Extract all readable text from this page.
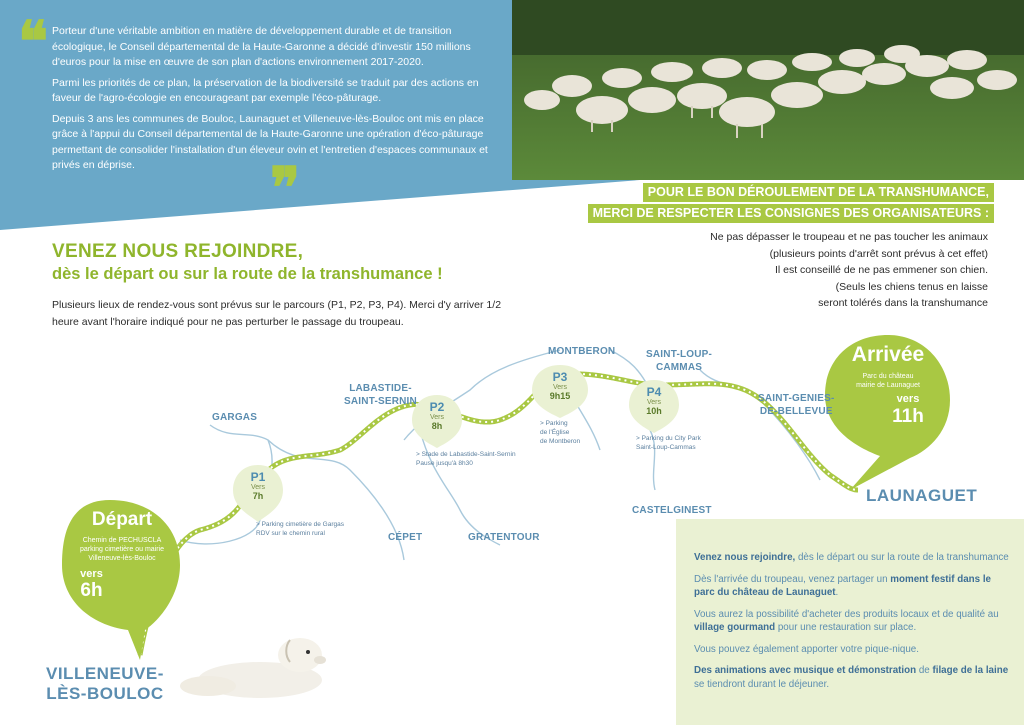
❝ Porteur d'une véritable ambition en matière de développement durable et de transition écologique, le Conseil départemental de la Haute-Garonne a décidé d'investir 150 millions d'euros pour la mise en œuvre de son plan d'actions environnement 2017-2020.

Parmi les priorités de ce plan, la préservation de la biodiversité se traduit par des actions en faveur de l'agro-écologie en encourageant par exemple l'éco-pâturage.

Depuis 3 ans les communes de Bouloc, Launaguet et Villeneuve-lès-Bouloc ont mis en place grâce à l'appui du Conseil départemental de la Haute-Garonne une opération d'éco-pâturage permettant de consolider l'installation d'un éleveur ovin et l'entretien d'espaces communaux et privés en déprise.	❞	POUR LE BON DÉROULEMENT DE LA TRANSHUMANCE,
MERCI DE RESPECTER LES CONSIGNES DES ORGANISATEURS :
Ne pas dépasser le troupeau et ne pas toucher les animaux
(plusieurs points d'arrêt sont prévus à cet effet)
Il est conseillé de ne pas emmener son chien.
(Seuls les chiens tenus en laisse
seront tolérés dans la transhumance
VENEZ NOUS REJOINDRE,
dès le départ ou sur la route de la transhumance !
Plusieurs lieux de rendez-vous sont prévus sur le parcours (P1, P2, P3, P4). Merci d'y arriver 1/2 heure avant l'horaire indiqué pour ne pas perturber le passage du troupeau.
GARGAS
LABASTIDE-
SAINT-SERNIN
MONTBERON	SAINT-LOUP-
CAMMAS
SAINT-GENIES-
DE-BELLEVUE
CÉPET	GRATENTOUR
CASTELGINEST
LAUNAGUET
VILLENEUVE-
LÈS-BOULOC
P1
Vers
7h
P2
Vers
8h
P3
Vers
9h15	P4
Vers
10h
> Parking cimetière de Gargas
RDV sur le chemin rural
> Stade de Labastide-Saint-Sernin
Pause jusqu'à 8h30
> Parking
de l'Église
de Montberon	> Parking du City Park
Saint-Loup-Cammas
Départ
Chemin de PECHUSCLA
parking cimetière ou mairie
Villeneuve-lès-Bouloc
vers
6h
Arrivée
Parc du château
mairie de Launaguet
vers
11h

Venez nous rejoindre, dès le départ ou sur la route de la transhumance

Dès l'arrivée du troupeau, venez partager un moment festif dans le parc du château de Launaguet.

Vous aurez la possibilité d'acheter des produits locaux et de qualité au village gourmand pour une restauration sur place.

Vous pouvez également apporter votre pique-nique.

Des animations avec musique et démonstration de filage de la laine se tiendront durant le déjeuner.
